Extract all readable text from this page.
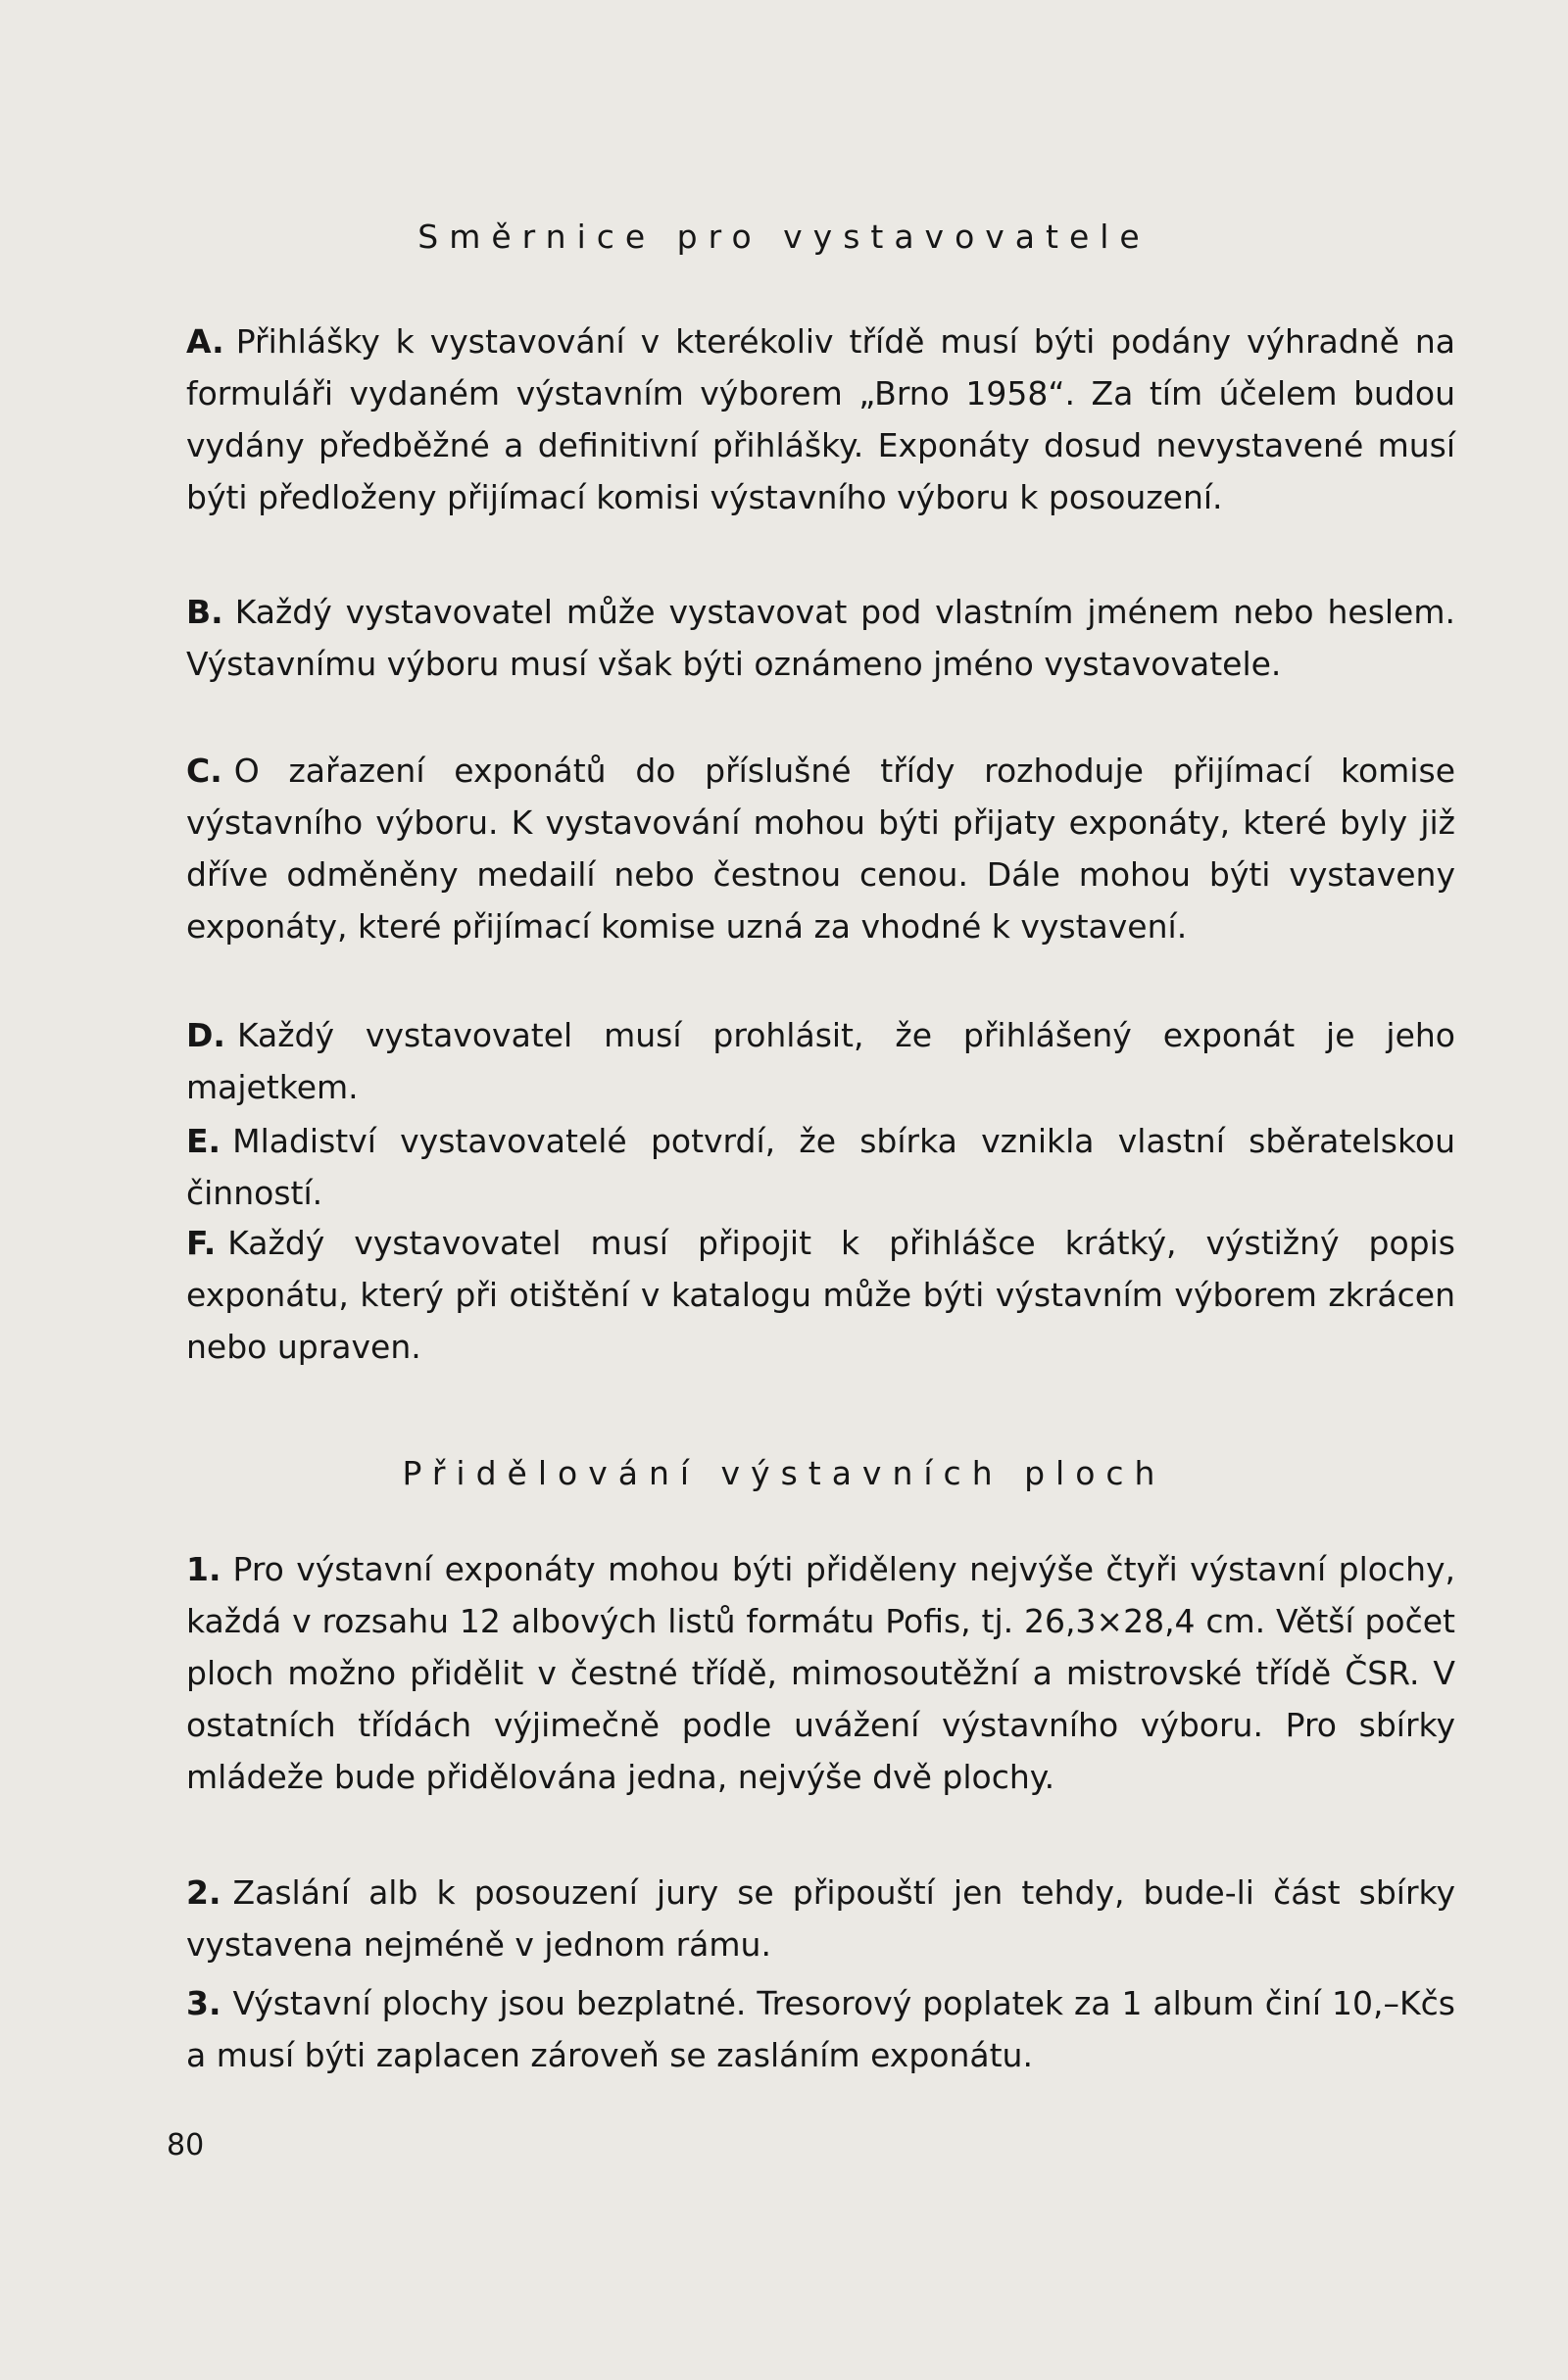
Směrnice pro vystavovatele

A. Přihlášky k vystavování v kterékoliv třídě musí býti podány výhradně na formuláři vydaném výstavním výborem „Brno 1958“. Za tím účelem budou vydány předběžné a definitivní přihlášky. Exponáty dosud nevystavené musí býti předloženy přijímací komisi výstavního výboru k posouzení.

B. Každý vystavovatel může vystavovat pod vlastním jménem nebo heslem. Výstavnímu výboru musí však býti oznámeno jméno vystavovatele.

C. O zařazení exponátů do příslušné třídy rozhoduje přijímací komise výstavního výboru. K vystavování mohou býti přijaty exponáty, které byly již dříve odměněny medailí nebo čestnou cenou. Dále mohou býti vystaveny exponáty, které přijímací komise uzná za vhodné k vystavení.

D. Každý vystavovatel musí prohlásit, že přihlášený exponát je jeho majetkem.

E. Mladiství vystavovatelé potvrdí, že sbírka vznikla vlastní sběratelskou činností.

F. Každý vystavovatel musí připojit k přihlášce krátký, výstižný popis exponátu, který při otištění v katalogu může býti výstavním výborem zkrácen nebo upraven.

Přidělování výstavních ploch

1. Pro výstavní exponáty mohou býti přiděleny nejvýše čtyři výstavní plochy, každá v rozsahu 12 albových listů formátu Pofis, tj. 26,3×28,4 cm. Větší počet ploch možno přidělit v čestné třídě, mimosoutěžní a mistrovské třídě ČSR. V ostatních třídách výjimečně podle uvážení výstavního výboru. Pro sbírky mládeže bude přidělována jedna, nejvýše dvě plochy.

2. Zaslání alb k posouzení jury se připouští jen tehdy, bude-li část sbírky vystavena nejméně v jednom rámu.

3. Výstavní plochy jsou bezplatné. Tresorový poplatek za 1 album činí 10,–Kčs a musí býti zaplacen zároveň se zasláním exponátu.

80
